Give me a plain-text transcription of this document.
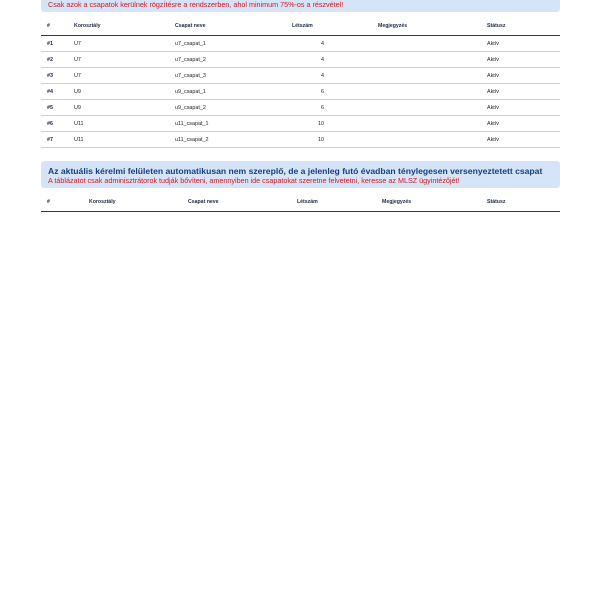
Csak azok a csapatok kerülnek rögzítésre a rendszerben, ahol minimum 75%-os a részvétel!
#	Korosztály	Csapat neve	Létszám	Megjegyzés	Státusz
#1	U7	u7_csapat_1	4		Aktív
#2	U7	u7_csapat_2	4		Aktív
#3	U7	u7_csapat_3	4		Aktív
#4	U9	u9_csapat_1	6		Aktív
#5	U9	u9_csapat_2	6		Aktív
#6	U11	u11_csapat_1	10		Aktív
#7	U11	u11_csapat_2	10		Aktív
Az aktuális kérelmi felületen automatikusan nem szereplő, de a jelenleg futó évadban ténylegesen versenyeztetett csapat
A táblázatot csak adminisztrátorok tudják bővíteni, amennyiben ide csapatokat szeretne felvetetni, keresse az MLSZ ügyintézőjét!
#	Korosztály	Csapat neve	Létszám	Megjegyzés	Státusz
